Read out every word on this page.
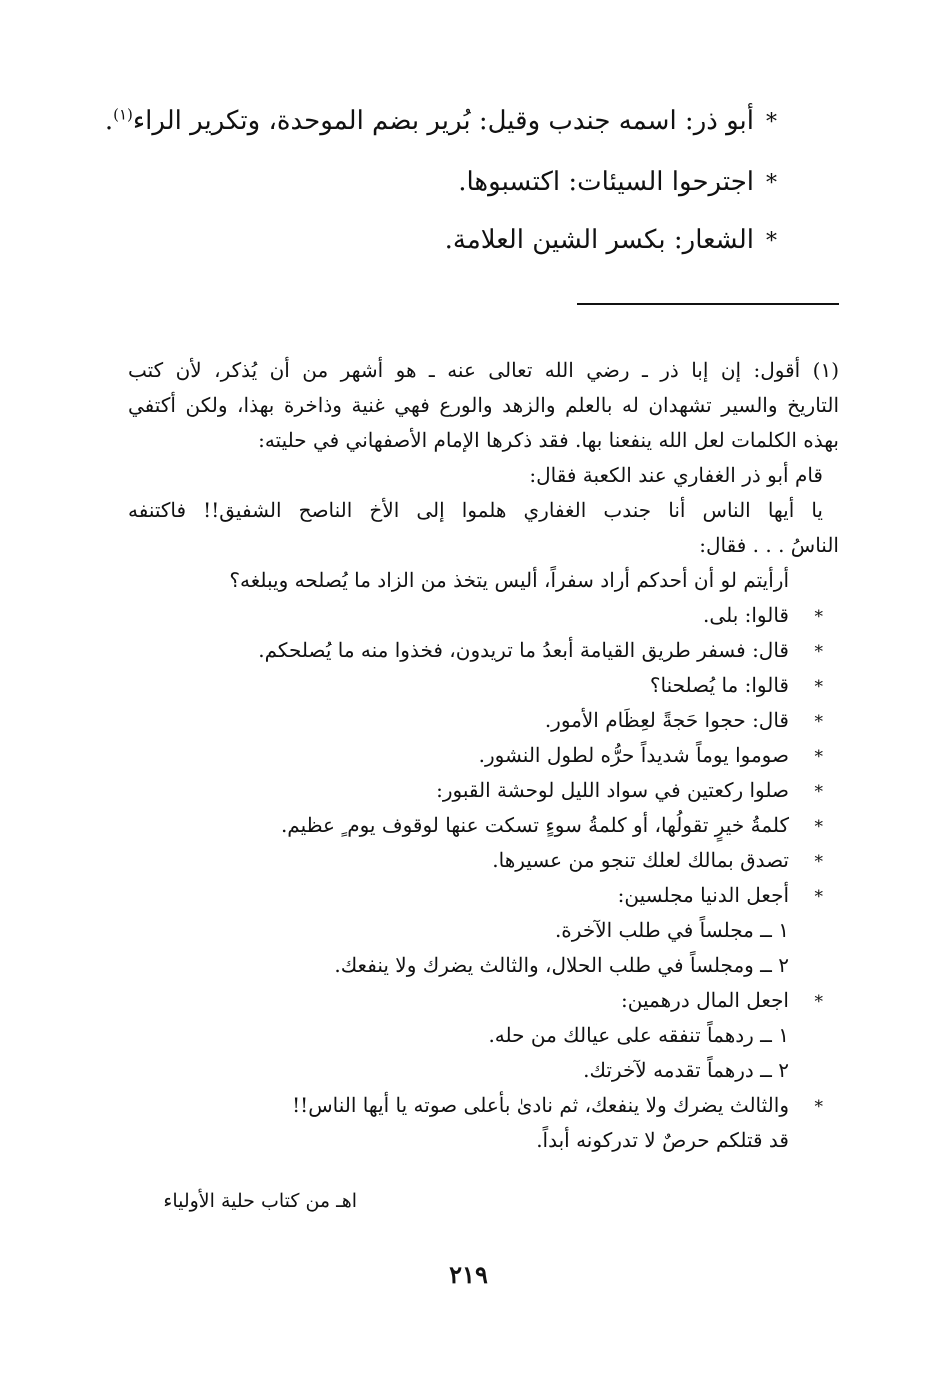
*أبو ذر: اسمه جندب وقيل: بُرير بضم الموحدة، وتكرير الراء$^{(١)}$.
*اجترحوا السيئات: اكتسبوها.
*الشعار: بكسر الشين العلامة.
(١) أقول: إن إبا ذر ـ رضي الله تعالى عنه ـ هو أشهر من أن يُذكر، لأن كتب
التاريخ والسير تشهدان له بالعلم والزهد والورع فهي غنية وذاخرة بهذا، ولكن أكتفي
بهذه الكلمات لعل الله ينفعنا بها. فقد ذكرها الإمام الأصفهاني في حليته:
قام أبو ذر الغفاري عند الكعبة فقال:
يا أيها الناس أنا جندب الغفاري هلموا إلى الأخ الناصح الشفيق!! فاكتنفه
الناسُ . . . فقال:
أرأيتم لو أن أحدكم أراد سفراً، أليس يتخذ من الزاد ما يُصلحه ويبلغه؟
*قالوا: بلى.
*قال: فسفر طريق القيامة أبعدُ ما تريدون، فخذوا منه ما يُصلحكم.
*قالوا: ما يُصلحنا؟
*قال: حجوا حَجةً لعِظَام الأمور.
*صوموا يوماً شديداً حرُّه لطول النشور.
*صلوا ركعتين في سواد الليل لوحشة القبور:
*كلمةُ خيرٍ تقولُها، أو كلمةُ سوءٍ تسكت عنها لوقوف يوم ٍ عظيم.
*تصدق بمالك لعلك تنجو من عسيرها.
*أجعل الدنيا مجلسين:
١ ــ مجلساً في طلب الآخرة.
٢ ــ ومجلساً في طلب الحلال، والثالث يضرك ولا ينفعك.
*اجعل المال درهمين:
١ ــ ردهماً تنفقه على عيالك من حله.
٢ ــ درهماً تقدمه لآخرتك.
*والثالث يضرك ولا ينفعك، ثم نادىٰ بأعلى صوته يا أيها الناس!!
قد قتلكم حرصٌ لا تدركونه أبداً.
اهـ من كتاب حلية الأولياء
٢١٩
